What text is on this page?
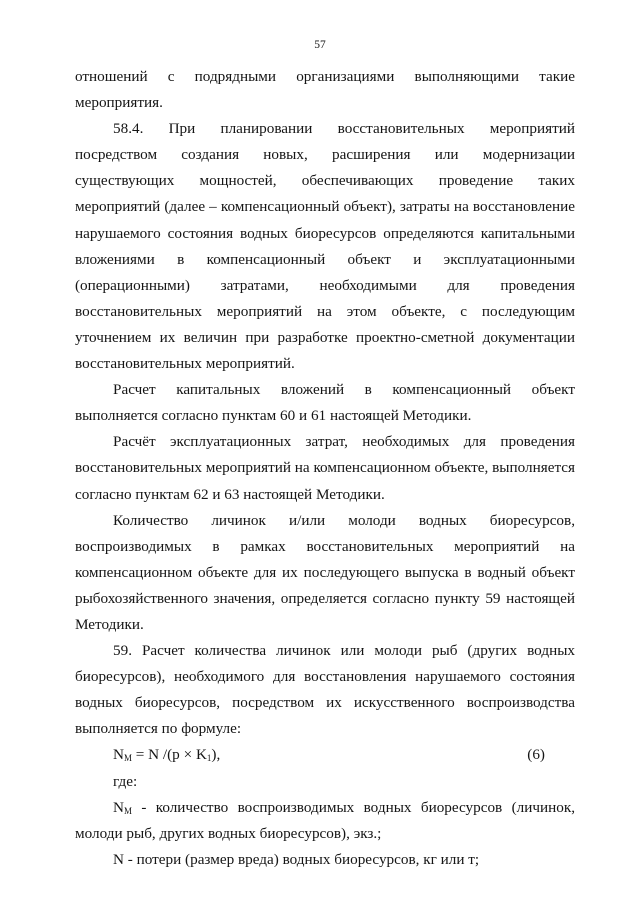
57

отношений с подрядными организациями выполняющими такие мероприятия.

58.4. При планировании восстановительных мероприятий посредством создания новых, расширения или модернизации существующих мощностей, обеспечивающих проведение таких мероприятий (далее – компенсационный объект), затраты на восстановление нарушаемого состояния водных биоресурсов определяются капитальными вложениями в компенсационный объект и эксплуатационными (операционными) затратами, необходимыми для проведения восстановительных мероприятий на этом объекте, с последующим уточнением их величин при разработке проектно-сметной документации восстановительных мероприятий.

Расчет капитальных вложений в компенсационный объект выполняется согласно пунктам 60 и 61 настоящей Методики.

Расчёт эксплуатационных затрат, необходимых для проведения восстановительных мероприятий на компенсационном объекте, выполняется согласно пунктам 62 и 63 настоящей Методики.

Количество личинок и/или молоди водных биоресурсов, воспроизводимых в рамках восстановительных мероприятий на компенсационном объекте для их последующего выпуска в водный объект рыбохозяйственного значения, определяется согласно пункту 59 настоящей Методики.

59. Расчет количества личинок или молоди рыб (других водных биоресурсов), необходимого для восстановления нарушаемого состояния водных биоресурсов, посредством их искусственного воспроизводства выполняется по формуле:

$N_M = N$ $/(p \times K_1)$,	(6)

где:

$N_M$ - количество воспроизводимых водных биоресурсов (личинок, молоди рыб, других водных биоресурсов), экз.;

N - потери (размер вреда) водных биоресурсов, кг или т;
